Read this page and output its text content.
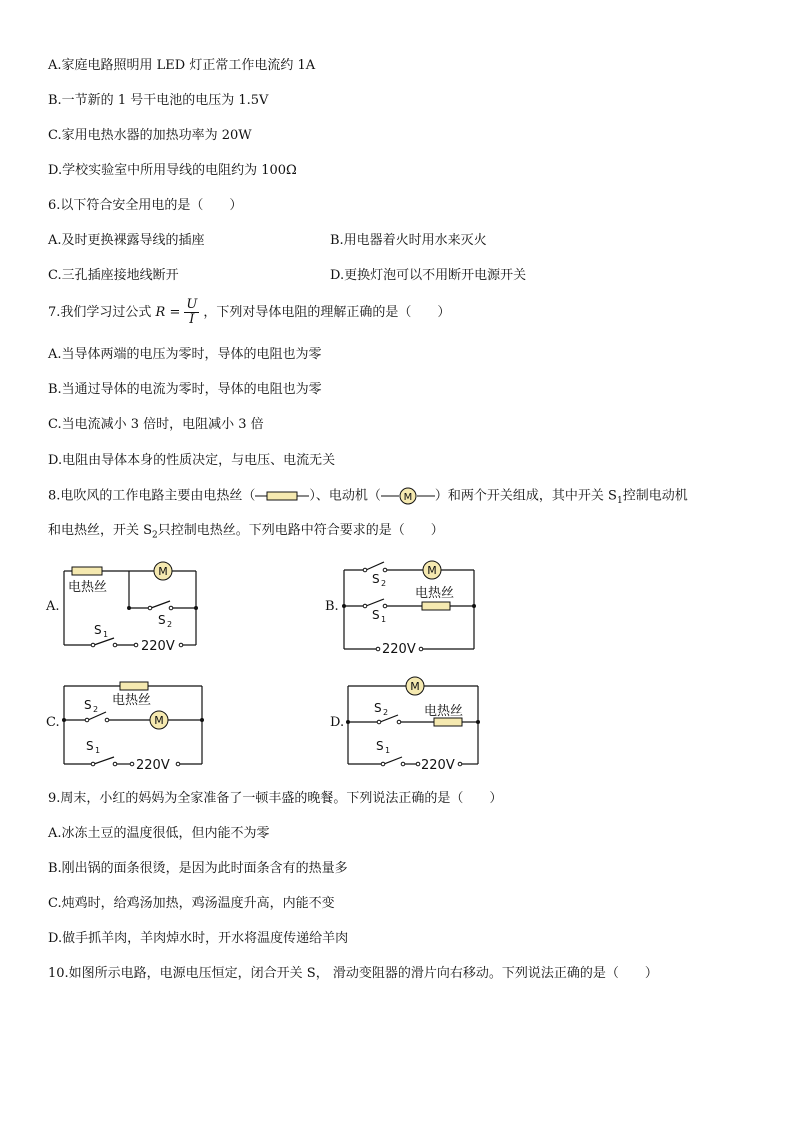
A.家庭电路照明用 LED 灯正常工作电流约 1A
B.一节新的 1 号干电池的电压为 1.5V
C.家用电热水器的加热功率为 20W
D.学校实验室中所用导线的电阻约为 100Ω
6.以下符合安全用电的是（　　）
A.及时更换裸露导线的插座	B.用电器着火时用水来灭火
C.三孔插座接地线断开	D.更换灯泡可以不用断开电源开关
7.我们学习过公式 $R = \frac{U}{I}$ ，下列对导体电阻的理解正确的是（　　）
A.当导体两端的电压为零时，导体的电阻也为零
B.当通过导体的电流为零时，导体的电阻也为零
C.当电流减小 3 倍时，电阻减小 3 倍
D.电阻由导体本身的性质决定，与电压、电流无关
8.电吹风的工作电路主要由电热丝（	）、电动机（ M ）和两个开关组成，其中开关 $S_1$控制电动机
和电热丝，开关 $S_2$只控制电热丝。下列电路中符合要求的是（　　）
M
电热丝
S 2
S 1
220V
A.
M
S 2
S 1
电热丝
220V
B.
M
电热丝
S 2
S 1
220V
C.
M
S 2	电热丝
S 1
220V
D.
9.周末，小红的妈妈为全家准备了一顿丰盛的晚餐。下列说法正确的是（　　）
A.冰冻土豆的温度很低，但内能不为零
B.刚出锅的面条很烫，是因为此时面条含有的热量多
C.炖鸡时，给鸡汤加热，鸡汤温度升高，内能不变
D.做手抓羊肉，羊肉焯水时，开水将温度传递给羊肉
10.如图所示电路，电源电压恒定，闭合开关 S， 滑动变阻器的滑片向右移动。下列说法正确的是（　　）
